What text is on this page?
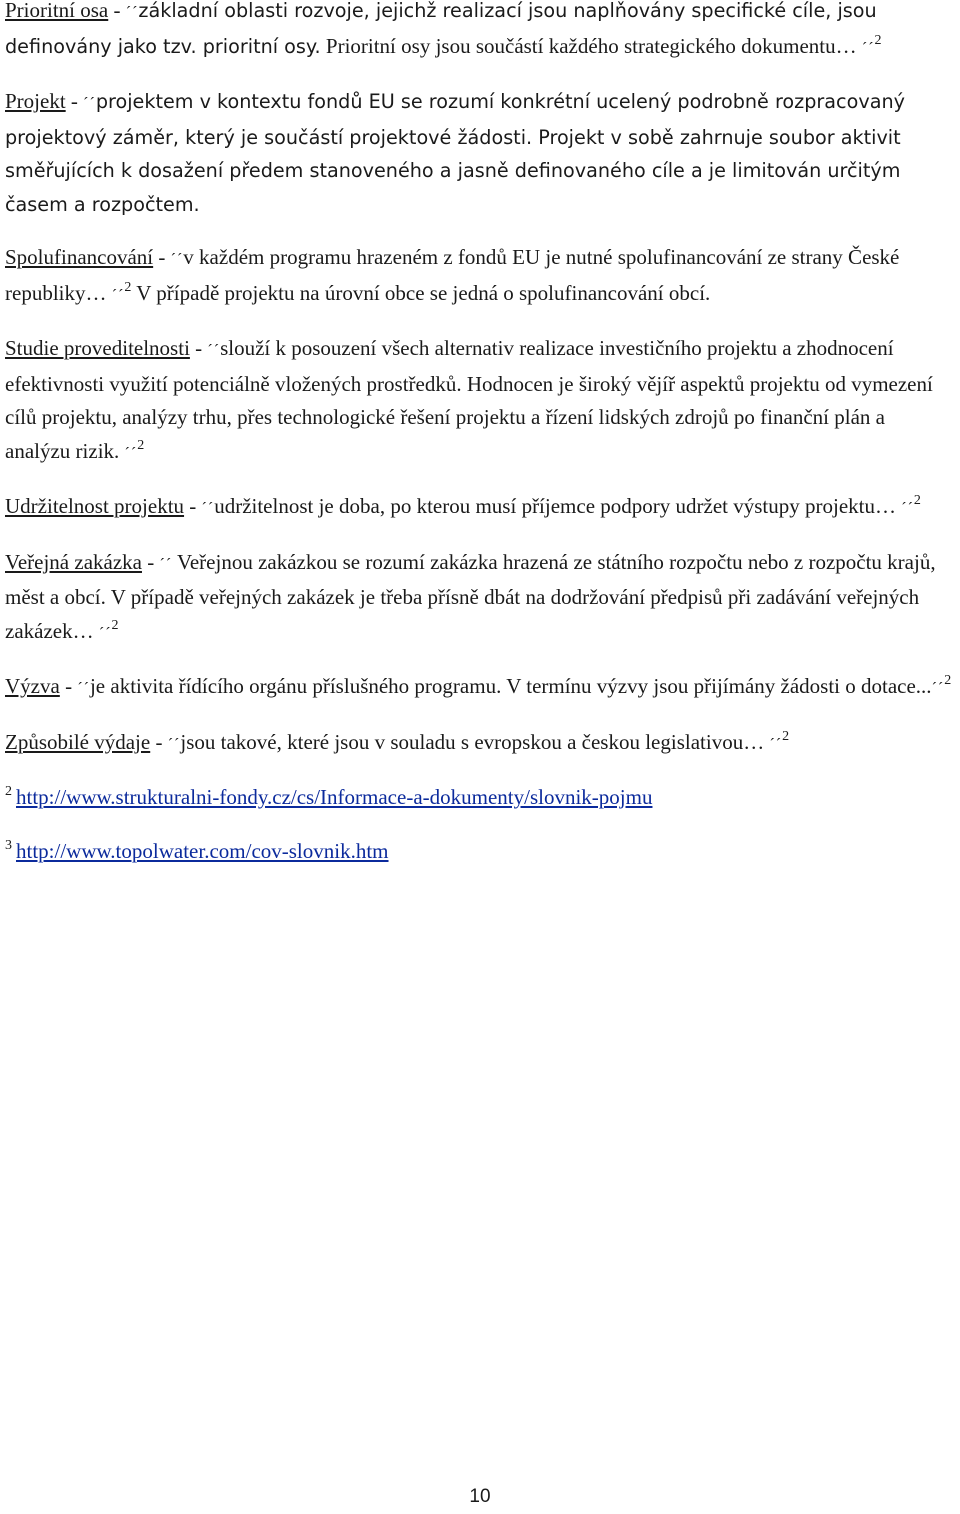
Prioritní osa - ´´základní oblasti rozvoje, jejichž realizací jsou naplňovány specifické cíle, jsou definovány jako tzv. prioritní osy. Prioritní osy jsou součástí každého strategického dokumentu… ´´$^2$

Projekt - ´´projektem v kontextu fondů EU se rozumí konkrétní ucelený podrobně rozpracovaný projektový záměr, který je součástí projektové žádosti. Projekt v sobě zahrnuje soubor aktivit směřujících k dosažení předem stanoveného a jasně definovaného cíle a je limitován určitým časem a rozpočtem.

Spolufinancování - ´´v každém programu hrazeném z fondů EU je nutné spolufinancování ze strany České republiky… ´´$^2$ V případě projektu na úrovní obce se jedná o spolufinancování obcí.

Studie proveditelnosti - ´´slouží k posouzení všech alternativ realizace investičního projektu a zhodnocení efektivnosti využití potenciálně vložených prostředků. Hodnocen je široký vějíř aspektů projektu od vymezení cílů projektu, analýzy trhu, přes technologické řešení projektu a řízení lidských zdrojů po finanční plán a analýzu rizik. ´´$^2$

Udržitelnost projektu - ´´udržitelnost je doba, po kterou musí příjemce podpory udržet výstupy projektu… ´´$^2$

Veřejná zakázka - ´´ Veřejnou zakázkou se rozumí zakázka hrazená ze státního rozpočtu nebo z rozpočtu krajů, měst a obcí. V případě veřejných zakázek je třeba přísně dbát na dodržování předpisů při zadávání veřejných zakázek… ´´$^2$

Výzva - ´´je aktivita řídícího orgánu příslušného programu. V termínu výzvy jsou přijímány žádosti o dotace...´´$^2$

Způsobilé výdaje - ´´jsou takové, které jsou v souladu s evropskou a českou legislativou… ´´$^2$

$^2$ http://www.strukturalni-fondy.cz/cs/Informace-a-dokumenty/slovnik-pojmu

$^3$ http://www.topolwater.com/cov-slovnik.htm

10
